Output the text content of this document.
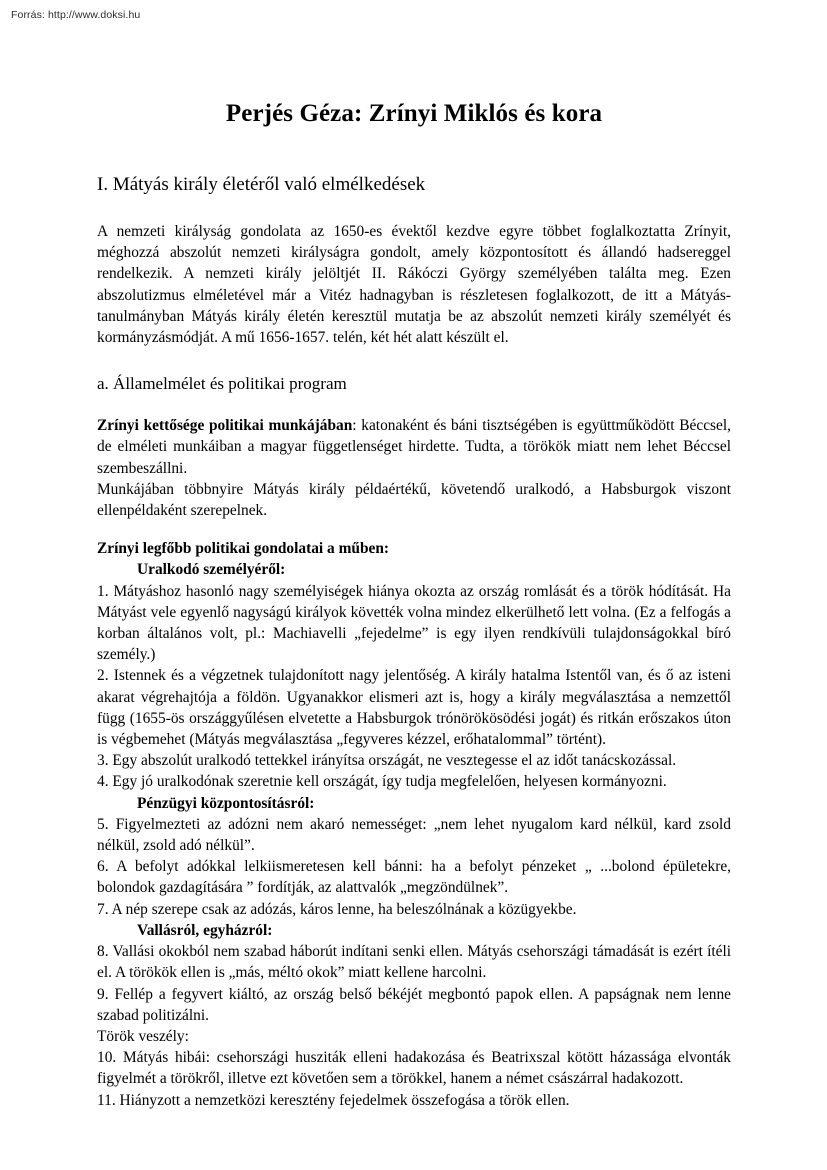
Forrás: http://www.doksi.hu
Perjés Géza: Zrínyi Miklós és kora
I. Mátyás király életéről való elmélkedések

A nemzeti királyság gondolata az 1650-es évektől kezdve egyre többet foglalkoztatta Zrínyit, méghozzá abszolút nemzeti királyságra gondolt, amely központosított és állandó hadsereggel rendelkezik. A nemzeti király jelöltjét II. Rákóczi György személyében találta meg. Ezen abszolutizmus elméletével már a Vitéz hadnagyban is részletesen foglalkozott, de itt a Mátyás-tanulmányban Mátyás király életén keresztül mutatja be az abszolút nemzeti király személyét és kormányzásmódját. A mű 1656-1657. telén, két hét alatt készült el.

a. Államelmélet és politikai program

Zrínyi kettősége politikai munkájában: katonaként és báni tisztségében is együttműködött Béccsel, de elméleti munkáiban a magyar függetlenséget hirdette. Tudta, a törökök miatt nem lehet Béccsel szembeszállni.

Munkájában többnyire Mátyás király példaértékű, követendő uralkodó, a Habsburgok viszont ellenpéldaként szerepelnek.

Zrínyi legfőbb politikai gondolatai a műben:

Uralkodó személyéről:

1. Mátyáshoz hasonló nagy személyiségek hiánya okozta az ország romlását és a török hódítását. Ha Mátyást vele egyenlő nagyságú királyok követték volna mindez elkerülhető lett volna. (Ez a felfogás a korban általános volt, pl.: Machiavelli „fejedelme” is egy ilyen rendkívüli tulajdonságokkal bíró személy.)

2. Istennek és a végzetnek tulajdonított nagy jelentőség. A király hatalma Istentől van, és ő az isteni akarat végrehajtója a földön. Ugyanakkor elismeri azt is, hogy a király megválasztása a nemzettől függ (1655-ös országgyűlésen elvetette a Habsburgok trónörökösödési jogát) és ritkán erőszakos úton is végbemehet (Mátyás megválasztása „fegyveres kézzel, erőhatalommal” történt).

3. Egy abszolút uralkodó tettekkel irányítsa országát, ne vesztegesse el az időt tanácskozással.

4. Egy jó uralkodónak szeretnie kell országát, így tudja megfelelően, helyesen kormányozni.

Pénzügyi központosításról:

5. Figyelmezteti az adózni nem akaró nemességet: „nem lehet nyugalom kard nélkül, kard zsold nélkül, zsold adó nélkül”.

6. A befolyt adókkal lelkiismeretesen kell bánni: ha a befolyt pénzeket „ ...bolond épületekre, bolondok gazdagítására ” fordítják, az alattvalók „megzöndülnek”.

7. A nép szerepe csak az adózás, káros lenne, ha beleszólnának a közügyekbe.

Vallásról, egyházról:

8. Vallási okokból nem szabad háborút indítani senki ellen. Mátyás csehországi támadását is ezért ítéli el. A törökök ellen is „más, méltó okok” miatt kellene harcolni.

9. Fellép a fegyvert kiáltó, az ország belső békéjét megbontó papok ellen. A papságnak nem lenne szabad politizálni.

Török veszély:

10. Mátyás hibái: csehországi husziták elleni hadakozása és Beatrixszal kötött házassága elvonták figyelmét a törökről, illetve ezt követően sem a törökkel, hanem a német császárral hadakozott.

11. Hiányzott a nemzetközi keresztény fejedelmek összefogása a török ellen.
